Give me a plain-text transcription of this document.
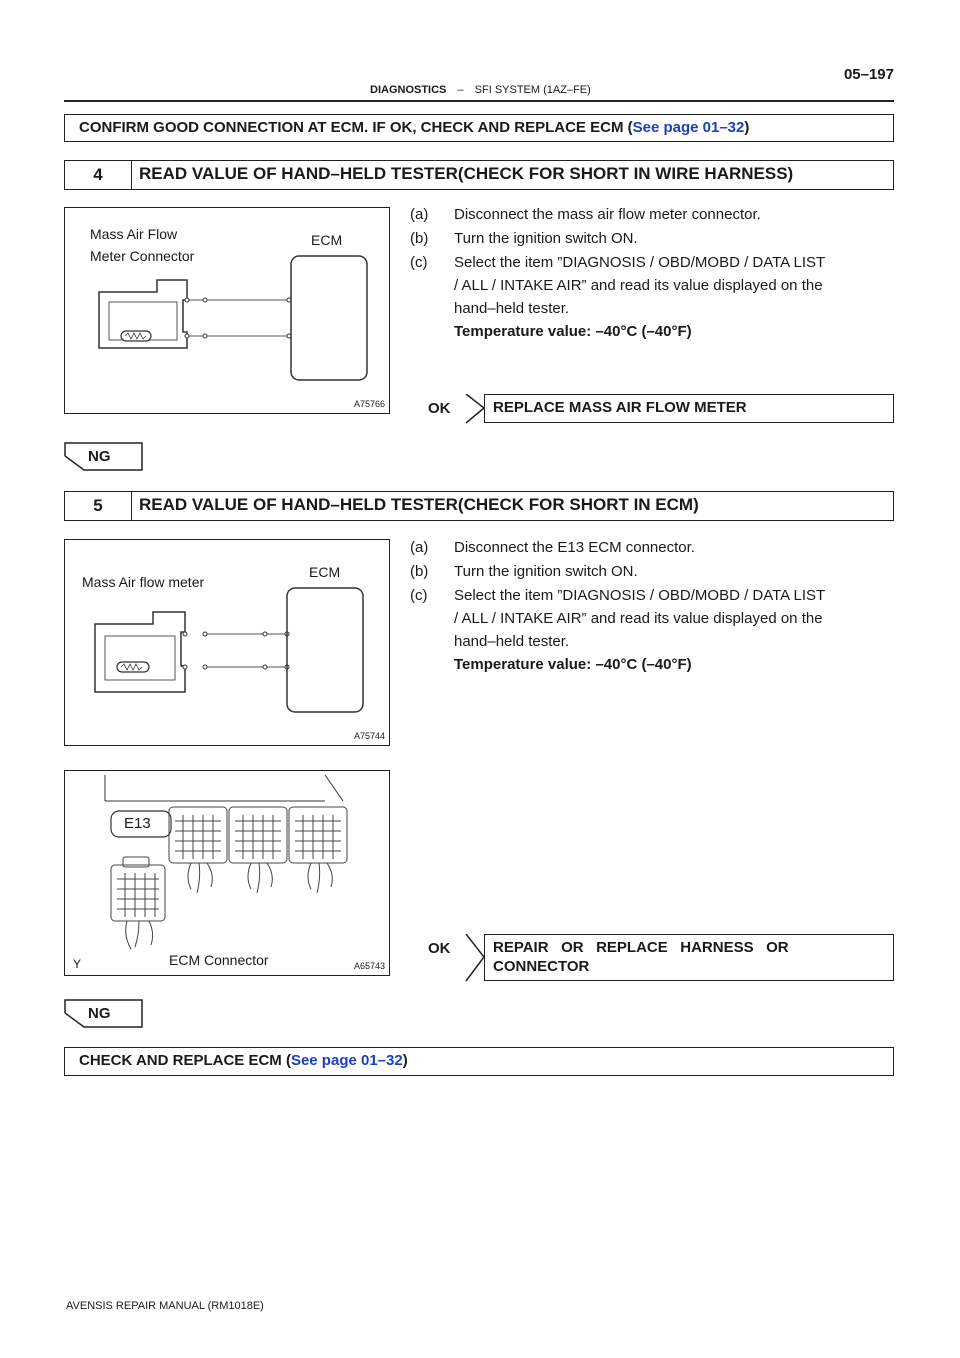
05–197
DIAGNOSTICS – SFI SYSTEM (1AZ–FE)
CONFIRM GOOD CONNECTION AT ECM. IF OK, CHECK AND REPLACE ECM (See page 01–32)
4	READ VALUE OF HAND–HELD TESTER(CHECK FOR SHORT IN WIRE HARNESS)
Mass Air Flow
Meter Connector
ECM
A75766
(a) Disconnect the mass air flow meter connector.
(b) Turn the ignition switch ON.
(c) Select the item ”DIAGNOSIS / OBD/MOBD / DATA LIST
/ ALL / INTAKE AIR” and read its value displayed on the
hand–held tester.
Temperature value: –40°C (–40°F)
OK	REPLACE MASS AIR FLOW METER
NG
5	READ VALUE OF HAND–HELD TESTER(CHECK FOR SHORT IN ECM)
Mass Air flow meter
ECM
A75744
(a) Disconnect the E13 ECM connector.
(b) Turn the ignition switch ON.
(c) Select the item ”DIAGNOSIS / OBD/MOBD / DATA LIST
/ ALL / INTAKE AIR” and read its value displayed on the
hand–held tester.
Temperature value: –40°C (–40°F)
E13
ECM Connector
Y	A65743
OK	REPAIR   OR   REPLACE   HARNESS   OR
CONNECTOR
NG
CHECK AND REPLACE ECM (See page 01–32)
AVENSIS REPAIR MANUAL (RM1018E)
